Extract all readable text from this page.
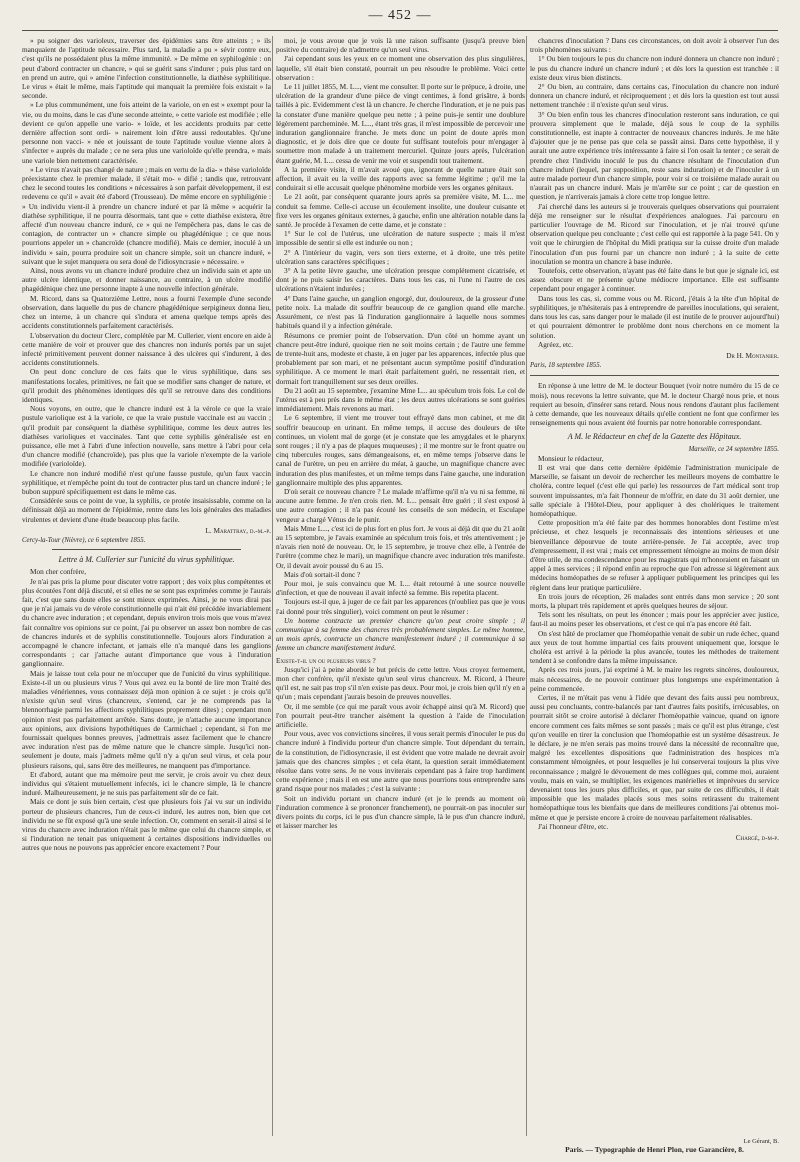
— 452 —

» pu soigner des varioleux, traverser des épidémies sans être atteints ; » ils manquaient de l'aptitude nécessaire. Plus tard, la maladie a pu » sévir contre eux, c'est qu'ils ne possédaient plus la même immunité. » De même en syphilogénie : on peut d'abord contracter un chancre, » qui se guérit sans s'indurer ; puis plus tard on en prend un autre, qui » amène l'infection constitutionnelle, la diathèse syphilitique. Le virus » était le même, mais l'aptitude qui manquait la première fois existait » la seconde.

» Le plus communément, une fois atteint de la variole, on en est » exempt pour la vie, ou du moins, dans le cas d'une seconde atteinte, » cette variole est modifiée ; elle devient ce qu'on appelle une vario- » loïde, et les accidents produits par cette dernière affection sont ordi- » nairement loin d'être aussi redoutables. Qu'une personne non vacci- » née et jouissant de toute l'aptitude voulue vienne alors à s'infecter » auprès du malade ; ce ne sera plus une varioloïde qu'elle prendra, » mais une variole bien nettement caractérisée.

» Le virus n'avait pas changé de nature ; mais en vertu de la dia- » thèse varioloïde préexistante chez le premier malade, il s'était mo- » difié ; tandis que, retrouvant chez le second toutes les conditions » nécessaires à son parfait développement, il est redevenu ce qu'il » avait été d'abord (Trousseau). De même encore en syphiligénie : » Un individu vient-il à prendre un chancre induré et par là même » acquérir la diathèse syphilitique, il ne pourra désormais, tant que » cette diathèse existera, être affecté d'un nouveau chancre induré, ce » qui ne l'empêchera pas, dans le cas de contagion, de contracter un » chancre simple ou phagédénique ; ce que nous pourrions appeler un » chancroïde (chancre modifié). Mais ce dernier, inoculé à un individu » sain, pourra produire soit un chancre simple, soit un chancre induré, » suivant que le sujet manquera ou sera doué de l'idiosyncrasie » nécessaire. »

Ainsi, nous avons vu un chancre induré produire chez un individu sain et apte un autre ulcère identique, et donner naissance, au contraire, à un ulcère modifié phagédénique chez une personne inapte à une nouvelle infection générale.

M. Ricord, dans sa Quatorzième Lettre, nous a fourni l'exemple d'une seconde observation, dans laquelle du pus de chancre phagédénique serpigineux donna lieu, chez un interne, à un chancre qui s'indura et amena quelque temps après des accidents constitutionnels parfaitement caractérisés.

L'observation du docteur Clerc, complétée par M. Cullerier, vient encore en aide à cette manière de voir et prouver que des chancres non indurés portés par un sujet infecté primitivement peuvent donner naissance à des ulcères qui s'indurent, à des accidents constitutionnels.

On peut donc conclure de ces faits que le virus syphilitique, dans ses manifestations locales, primitives, ne fait que se modifier sans changer de nature, et qu'il produit des phénomènes identiques dès qu'il se retrouve dans des conditions identiques.

Nous voyons, en outre, que le chancre induré est à la vérole ce que la vraie pustule variolique est à la variole, ce que la vraie pustule vaccinale est au vaccin ; qu'il produit par conséquent la diathèse syphilitique, comme les deux autres les diathèses varioliques et vaccinales. Tant que cette syphilis généralisée est en puissance, elle met à l'abri d'une infection nouvelle, sans mettre à l'abri pour cela d'un chancre modifié (chancroïde), pas plus que la variole n'exempte de la variole modifiée (varioloïde).

Le chancre non induré modifié n'est qu'une fausse pustule, qu'un faux vaccin syphilitique, et n'empêche point du tout de contracter plus tard un chancre induré ; le bubon suppuré spécifiquement est dans le même cas.

Considérée sous ce point de vue, la syphilis, ce protée insaisissable, comme on la définissait déjà au moment de l'épidémie, rentre dans les lois générales des maladies virulentes et devient d'une étude beaucoup plus facile.

L. Marattray, d.-m.-p.

Cercy-la-Tour (Nièvre), ce 6 septembre 1855.

Lettre à M. Cullerier sur l'unicité du virus syphilitique.

Mon cher confrère,

Je n'ai pas pris la plume pour discuter votre rapport ; des voix plus compétentes et plus écoutées l'ont déjà discuté, et si elles ne se sont pas exprimées comme je l'aurais fait, c'est que sans doute elles se sont mieux exprimées. Ainsi, je ne vous dirai pas que je n'ai jamais vu de vérole constitutionnelle qui n'ait été précédée invariablement du chancre avec induration ; et cependant, depuis environ trois mois que vous m'avez fait connaître vos opinions sur ce point, j'ai pu observer un assez bon nombre de cas de chancres indurés et de syphilis constitutionnelle. Toujours alors l'induration a accompagné le chancre infectant, et jamais elle n'a manqué dans les ganglions correspondants ; car j'attache autant d'importance que vous à l'induration ganglionnaire.

Mais je laisse tout cela pour ne m'occuper que de l'unicité du virus syphilitique. Existe-t-il un ou plusieurs virus ? Vous qui avez eu la bonté de lire mon Traité des maladies vénériennes, vous connaissez déjà mon opinion à ce sujet : je crois qu'il n'existe qu'un seul virus (chancreux, s'entend, car je ne comprends pas la blennorrhagie parmi les affections syphilitiques proprement dites) ; cependant mon opinion n'est pas parfaitement arrêtée. Sans doute, je n'attache aucune importance aux opinions, aux divisions hypothétiques de Carmichael ; cependant, si l'on me fournissait quelques bonnes preuves, j'admettrais assez facilement que le chancre avec induration n'est pas de même nature que le chancre simple. Jusqu'ici non-seulement je doute, mais j'admets même qu'il n'y a qu'un seul virus, et cela pour plusieurs raisons, qui, sans être des meilleures, ne manquent pas d'importance.

Et d'abord, autant que ma mémoire peut me servir, je crois avoir vu chez deux individus qui s'étaient mutuellement infectés, ici le chancre simple, là le chancre induré. Malheureusement, je ne suis pas parfaitement sûr de ce fait.

Mais ce dont je suis bien certain, c'est que plusieurs fois j'ai vu sur un individu porteur de plusieurs chancres, l'un de ceux-ci induré, les autres non, bien que cet individu ne se fût exposé qu'à une seule infection. Or, comment en serait-il ainsi si le virus du chancre avec induration n'était pas le même que celui du chancre simple, et si l'induration ne tenait pas uniquement à certaines dispositions individuelles ou autres que nous ne pouvons pas apprécier encore exactement ? Pour

moi, je vous avoue que je vois là une raison suffisante (jusqu'à preuve bien positive du contraire) de n'admettre qu'un seul virus.

J'ai cependant sous les yeux en ce moment une observation des plus singulières, laquelle, s'il était bien constaté, pourrait un peu résoudre le problème. Voici cette observation :

Le 11 juillet 1855, M. L..., vient me consulter. Il porte sur le prépuce, à droite, une ulcération de la grandeur d'une pièce de vingt centimes, à fond grisâtre, à bords taillés à pic. Evidemment c'est là un chancre. Je cherche l'induration, et je ne puis pas la constater d'une manière quelque peu nette ; à peine puis-je sentir une doublure légèrement parcheminée. M. L..., étant très gras, il m'est impossible de percevoir une induration ganglionnaire franche. Je mets donc un point de doute après mon diagnostic, et je dois dire que ce doute fut suffisant toutefois pour m'engager à soumettre mon malade à un traitement mercuriel. Quinze jours après, l'ulcération étant guérie, M. L... cessa de venir me voir et suspendit tout traitement.

A la première visite, il m'avait avoué que, ignorant de quelle nature était son affection, il avait eu la veille des rapports avec sa femme légitime ; qu'il me la conduirait si elle accusait quelque phénomène morbide vers les organes génitaux.

Le 21 août, par conséquent quarante jours après sa première visite, M. L... me conduit sa femme. Celle-ci accuse un écoulement insolite, une douleur cuisante et fixe vers les organes génitaux externes, à gauche, enfin une altération notable dans la santé. Je procède à l'examen de cette dame, et je constate :

1° Sur le col de l'utérus, une ulcération de nature suspecte ; mais il m'est impossible de sentir si elle est indurée ou non ;

2° A l'intérieur du vagin, vers son tiers externe, et à droite, une très petite ulcération sans caractères spécifiques ;

3° A la petite lèvre gauche, une ulcération presque complétement cicatrisée, et dont je ne puis saisir les caractères. Dans tous les cas, ni l'une ni l'autre de ces ulcérations n'étaient indurées ;

4° Dans l'aine gauche, un ganglion engorgé, dur, douloureux, de la grosseur d'une petite noix. La malade dit souffrir beaucoup de ce ganglion quand elle marche. Assurément, ce n'est pas là l'induration ganglionnaire à laquelle nous sommes habitués quand il y a infection générale.

Résumons ce premier point de l'observation. D'un côté un homme ayant un chancre peut-être induré, quoique rien ne soit moins certain ; de l'autre une femme de trente-huit ans, modeste et chaste, à en juger par les apparences, infectée plus que probablement par son mari, et ne présentant aucun symptôme positif d'induration syphilitique. A ce moment le mari était parfaitement guéri, ne ressentait rien, et dormait fort tranquillement sur ses deux oreilles.

Du 21 août au 15 septembre, j'examine Mme L... au spéculum trois fois. Le col de l'utérus est à peu près dans le même état ; les deux autres ulcérations se sont guéries immédiatement. Mais revenons au mari.

Le 6 septembre, il vient me trouver tout effrayé dans mon cabinet, et me dit souffrir beaucoup en urinant. En même temps, il accuse des douleurs de tête continues, un violent mal de gorge (et je constate que les amygdales et le pharynx sont rouges ; il n'y a pas de plaques muqueuses) ; il me montre sur le front quatre ou cinq tubercules rouges, sans démangeaisons, et, en même temps j'observe dans le canal de l'urètre, un peu en arrière du méat, à gauche, un magnifique chancre avec induration des plus manifestes, et un même temps dans l'aine gauche, une induration ganglionnaire multiple des plus apparentes.

D'où serait ce nouveau chancre ? Le malade m'affirme qu'il n'a vu ni sa femme, ni aucune autre femme. Je n'en crois rien. M. L... pensait être guéri ; il s'est exposé à une autre contagion ; il n'a pas écouté les conseils de son médecin, et Esculape vengeur a chargé Vénus de le punir.

Mais Mme L..., c'est ici de plus fort en plus fort. Je vous ai déjà dit que du 21 août au 15 septembre, je l'avais examinée au spéculum trois fois, et très attentivement ; je n'avais rien noté de nouveau. Or, le 15 septembre, je trouve chez elle, à l'entrée de l'urètre (comme chez le mari), un magnifique chancre avec induration très manifeste. Or, il devait avoir poussé du 6 au 15.

Mais d'où sortait-il donc ?

Pour moi, je suis convaincu que M. L... était retourné à une source nouvelle d'infection, et que de nouveau il avait infecté sa femme. Bis repetita placent.

Toujours est-il que, à juger de ce fait par les apparences (n'oubliez pas que je vous l'ai donné pour très singulier), voici comment on peut le résumer :

Un homme contracte un premier chancre qu'on peut croire simple ; il communique à sa femme des chancres très probablement simples. Le même homme, un mois après, contracte un chancre manifestement induré ; il communique à sa femme un chancre manifestement induré.

Existe-t-il un ou plusieurs virus ?

Jusqu'ici j'ai à peine abordé le but précis de cette lettre. Vous croyez fermement, mon cher confrère, qu'il n'existe qu'un seul virus chancreux. M. Ricord, à l'heure qu'il est, ne sait pas trop s'il n'en existe pas deux. Pour moi, je crois bien qu'il n'y en a qu'un ; mais cependant j'aurais besoin de preuves nouvelles.

Or, il me semble (ce qui me paraît vous avoir échappé ainsi qu'à M. Ricord) que l'on pourrait peut-être trancher aisément la question à l'aide de l'inoculation artificielle.

Pour vous, avec vos convictions sincères, il vous serait permis d'inoculer le pus du chancre induré à l'individu porteur d'un chancre simple. Tout dépendant du terrain, de la constitution, de l'idiosyncrasie, il est évident que votre malade ne devrait avoir jamais que des chancres simples ; et cela étant, la question serait immédiatement résolue dans votre sens. Je ne vous inviterais cependant pas à faire trop hardiment cette expérience ; mais il en est une autre que nous pourrions tous entreprendre sans grand risque pour nos malades ; c'est la suivante :

Soit un individu portant un chancre induré (et je le prends au moment où l'induration commence à se prononcer franchement), ne pourrait-on pas inoculer sur divers points du corps, ici le pus d'un chancre simple, là le pus d'un chancre induré, et laisser marcher les

chancres d'inoculation ? Dans ces circonstances, on doit avoir à observer l'un des trois phénomènes suivants :

1° Ou bien toujours le pus du chancre non induré donnera un chancre non induré ; le pus du chancre induré un chancre induré ; et dès lors la question est tranchée : il existe deux virus bien distincts.

2° Ou bien, au contraire, dans certains cas, l'inoculation du chancre non induré donnera un chancre induré, et réciproquement ; et dès lors la question est tout aussi nettement tranchée : il n'existe qu'un seul virus.

3° Ou bien enfin tous les chancres d'inoculation resteront sans induration, ce qui prouvera simplement que le malade, déjà sous le coup de la syphilis constitutionnelle, est inapte à contracter de nouveaux chancres indurés. Je me hâte d'ajouter que je ne pense pas que cela se passât ainsi. Dans cette hypothèse, il y aurait une autre expérience très intéressante à faire si l'on osait la tenter ; ce serait de prendre chez l'individu inoculé le pus du chancre résultant de l'inoculation d'un chancre induré (lequel, par supposition, reste sans induration) et de l'inoculer à un autre malade porteur d'un chancre simple, pour voir si ce troisième malade aurait ou n'aurait pas un chancre induré. Mais je m'arrête sur ce point ; car de question en question, je n'arriverais jamais à clore cette trop longue lettre.

J'ai cherché dans les auteurs si je trouverais quelques observations qui pourraient déjà me renseigner sur le résultat d'expériences analogues. J'ai parcouru en particulier l'ouvrage de M. Ricord sur l'inoculation, et je n'ai trouvé qu'une observation quelque peu concluante ; c'est celle qui est rapportée à la page 541. On y voit que le chirurgien de l'hôpital du Midi pratiqua sur la cuisse droite d'un malade l'inoculation d'un pus fourni par un chancre non induré ; à la suite de cette inoculation se montra un chancre à base indurée.

Toutefois, cette observation, n'ayant pas été faite dans le but que je signale ici, est assez obscure et ne présente qu'une médiocre importance. Elle est suffisante cependant pour engager à continuer.

Dans tous les cas, si, comme vous ou M. Ricord, j'étais à la tête d'un hôpital de syphilitiques, je n'hésiterais pas à entreprendre de pareilles inoculations, qui seraient, dans tous les cas, sans danger pour le malade (il est inutile de le prouver aujourd'hui) et qui pourraient démontrer le problème dont nous cherchons en ce moment la solution.

Agréez, etc.

Dr H. Montanier.

Paris, 18 septembre 1855.

En réponse à une lettre de M. le docteur Bouquet (voir notre numéro du 15 de ce mois), nous recevons la lettre suivante, que M. le docteur Chargé nous prie, et nous requiert au besoin, d'insérer sans retard. Nous nous rendons d'autant plus facilement à cette demande, que les nouveaux détails qu'elle contient ne font que confirmer les renseignements qui nous avaient été fournis par notre honorable correspondant.

A M. le Rédacteur en chef de la Gazette des Hôpitaux.

Marseille, ce 24 septembre 1855.

Monsieur le rédacteur,

Il est vrai que dans cette dernière épidémie l'administration municipale de Marseille, se faisant un devoir de rechercher les meilleurs moyens de combattre le choléra, contre lequel (c'est elle qui parle) les ressources de l'art médical sont trop souvent impuissantes, m'a fait l'honneur de m'offrir, en date du 31 août dernier, une salle spéciale à l'Hôtel-Dieu, pour appliquer à des cholériques le traitement homéopathique.

Cette proposition m'a été faite par des hommes honorables dont l'estime m'est précieuse, et chez lesquels je reconnaissais des intentions sérieuses et une bienveillance dépourvue de toute arrière-pensée. Je l'ai acceptée, avec trop d'empressement, il est vrai ; mais cet empressement témoigne au moins de mon désir d'être utile, de ma condescendance pour les magistrats qui m'honoraient en faisant un appel à mes services ; il répond enfin au reproche que l'on adresse si légèrement aux médecins homéopathes de se refuser à appliquer publiquement les principes qui les règlent dans leur pratique particulière.

En trois jours de réception, 26 malades sont entrés dans mon service ; 20 sont morts, la plupart très rapidement et après quelques heures de séjour.

Tels sont les résultats, on peut les énoncer ; mais pour les apprécier avec justice, faut-il au moins peser les observations, et c'est ce qui n'a pas encore été fait.

On s'est hâté de proclamer que l'homéopathie venait de subir un rude échec, quand aux yeux de tout homme impartial ces faits prouvent uniquement que, lorsque le choléra est arrivé à la période la plus avancée, toutes les méthodes de traitement tendent à se confondre dans la même impuissance.

Après ces trois jours, j'ai exprimé à M. le maire les regrets sincères, douloureux, mais nécessaires, de ne pouvoir continuer plus longtemps une expérimentation à peine commencée.

Certes, il ne m'était pas venu à l'idée que devant des faits aussi peu nombreux, aussi peu concluants, contre-balancés par tant d'autres faits positifs, irrécusables, on pourrait sitôt se croire autorisé à déclarer l'homéopathie vaincue, quand on ignore encore comment ces faits mêmes se sont passés ; mais ce qu'il est plus étrange, c'est qu'on veuille en tirer la conclusion que l'homéopathie est un système désastreux. Je le déclare, je ne m'en serais pas moins trouvé dans la nécessité de reconnaître que, malgré les excellentes dispositions que l'administration des hospices m'a constamment témoignées, et pour lesquelles je lui conserverai toujours la plus vive reconnaissance ; malgré le dévouement de mes collègues qui, comme moi, auraient voulu, mais en vain, se multiplier, les exigences matérielles et imprévues du service devenaient tous les jours plus difficiles, et que, par suite de ces difficultés, il était impossible que les malades placés sous mes soins retirassent du traitement homéopathique tous les bienfaits que dans de meilleures conditions j'ai obtenus moi-même et que je persiste encore à croire de nouveau parfaitement réalisables.

J'ai l'honneur d'être, etc.

Chargé, d-m-p.
Le Gérant, B.
Paris. — Typographie de Henri Plon, rue Garancière, 8.
